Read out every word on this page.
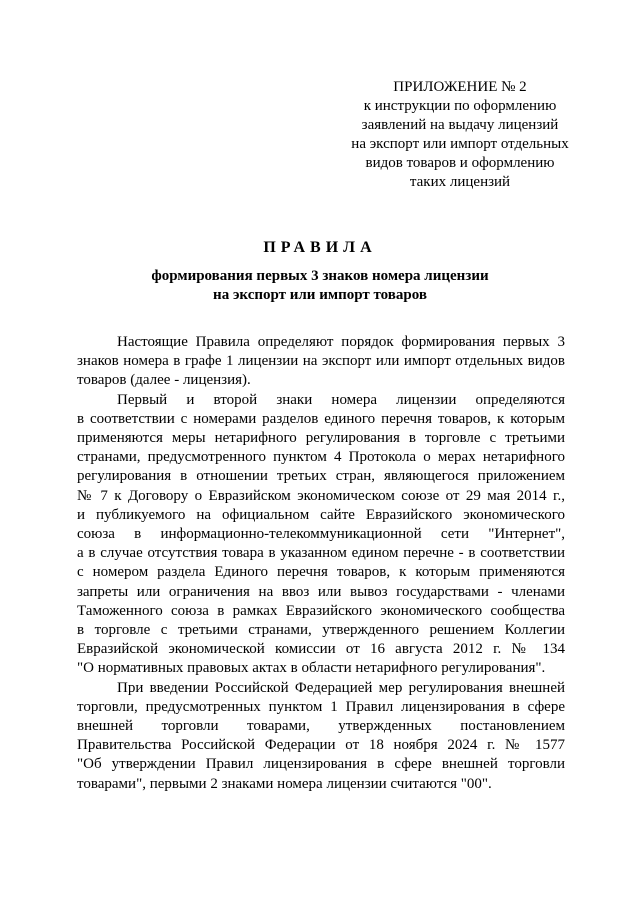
ПРИЛОЖЕНИЕ № 2
к инструкции по оформлению
заявлений на выдачу лицензий
на экспорт или импорт отдельных
видов товаров и оформлению
таких лицензий
ПРАВИЛА
формирования первых 3 знаков номера лицензии
на экспорт или импорт товаров
Настоящие Правила определяют порядок формирования первых 3
знаков номера в графе 1 лицензии на экспорт или импорт отдельных видов
товаров (далее - лицензия).
Первый и второй знаки номера лицензии определяются
в соответствии с номерами разделов единого перечня товаров, к которым
применяются меры нетарифного регулирования в торговле с третьими
странами, предусмотренного пунктом 4 Протокола о мерах нетарифного
регулирования в отношении третьих стран, являющегося приложением
№ 7 к Договору о Евразийском экономическом союзе от 29 мая 2014 г.,
и публикуемого на официальном сайте Евразийского экономического
союза в информационно-телекоммуникационной сети "Интернет",
а в случае отсутствия товара в указанном едином перечне - в соответствии
с номером раздела Единого перечня товаров, к которым применяются
запреты или ограничения на ввоз или вывоз государствами - членами
Таможенного союза в рамках Евразийского экономического сообщества
в торговле с третьими странами, утвержденного решением Коллегии
Евразийской экономической комиссии от 16 августа 2012 г. № 134
"О нормативных правовых актах в области нетарифного регулирования".
При введении Российской Федерацией мер регулирования внешней
торговли, предусмотренных пунктом 1 Правил лицензирования в сфере
внешней торговли товарами, утвержденных постановлением
Правительства Российской Федерации от 18 ноября 2024 г. № 1577
"Об утверждении Правил лицензирования в сфере внешней торговли
товарами", первыми 2 знаками номера лицензии считаются "00".
